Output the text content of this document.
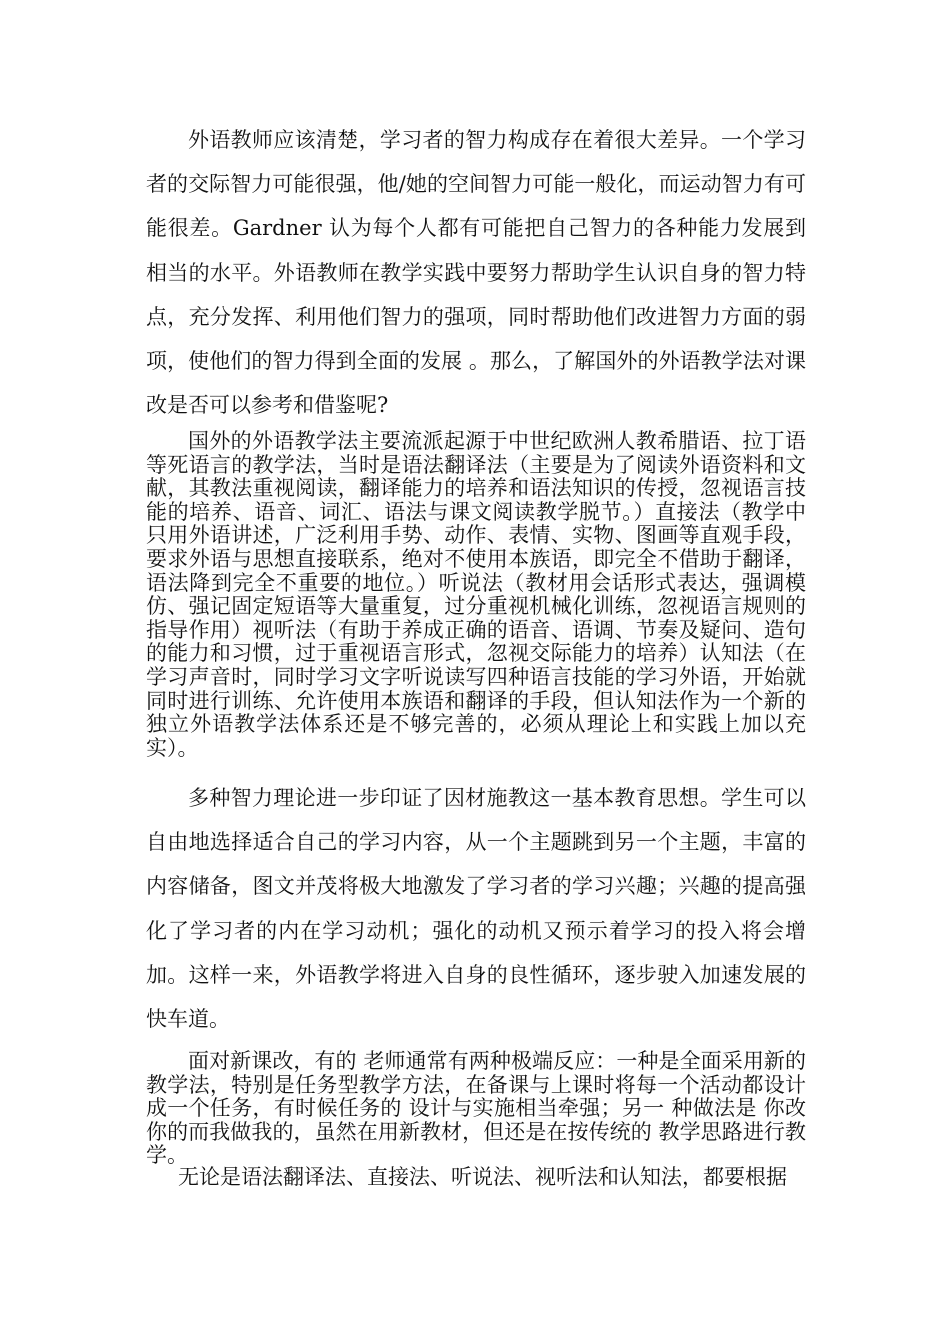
外语教师应该清楚，学习者的智力构成存在着很大差异。一个学习者的交际智力可能很强，他/她的空间智力可能一般化，而运动智力有可能很差。Gardner 认为每个人都有可能把自己智力的各种能力发展到相当的水平。外语教师在教学实践中要努力帮助学生认识自身的智力特点，充分发挥、利用他们智力的强项，同时帮助他们改进智力方面的弱项，使他们的智力得到全面的发展 。那么，了解国外的外语教学法对课改是否可以参考和借鉴呢?

国外的外语教学法主要流派起源于中世纪欧洲人教希腊语、拉丁语等死语言的教学法，当时是语法翻译法（主要是为了阅读外语资料和文献，其教法重视阅读，翻译能力的培养和语法知识的传授，忽视语言技能的培养、语音、词汇、语法与课文阅读教学脱节。）直接法（教学中只用外语讲述，广泛利用手势、动作、表情、实物、图画等直观手段，要求外语与思想直接联系，绝对不使用本族语，即完全不借助于翻译，语法降到完全不重要的地位。）听说法（教材用会话形式表达，强调模仿、强记固定短语等大量重复，过分重视机械化训练，忽视语言规则的指导作用）视听法（有助于养成正确的语音、语调、节奏及疑问、造句的能力和习惯，过于重视语言形式，忽视交际能力的培养）认知法（在学习声音时，同时学习文字听说读写四种语言技能的学习外语，开始就同时进行训练、允许使用本族语和翻译的手段，但认知法作为一个新的独立外语教学法体系还是不够完善的，必须从理论上和实践上加以充实）。

多种智力理论进一步印证了因材施教这一基本教育思想。学生可以自由地选择适合自己的学习内容，从一个主题跳到另一个主题，丰富的内容储备，图文并茂将极大地激发了学习者的学习兴趣；兴趣的提高强化了学习者的内在学习动机；强化的动机又预示着学习的投入将会增加。这样一来，外语教学将进入自身的良性循环，逐步驶入加速发展的快车道。

面对新课改，有的 老师通常有两种极端反应：一种是全面采用新的教学法，特别是任务型教学方法，在备课与上课时将每一个活动都设计成一个任务，有时候任务的 设计与实施相当牵强；另一 种做法是 你改你的而我做我的，虽然在用新教材，但还是在按传统的 教学思路进行教学。

无论是语法翻译法、直接法、听说法、视听法和认知法，都要根据
